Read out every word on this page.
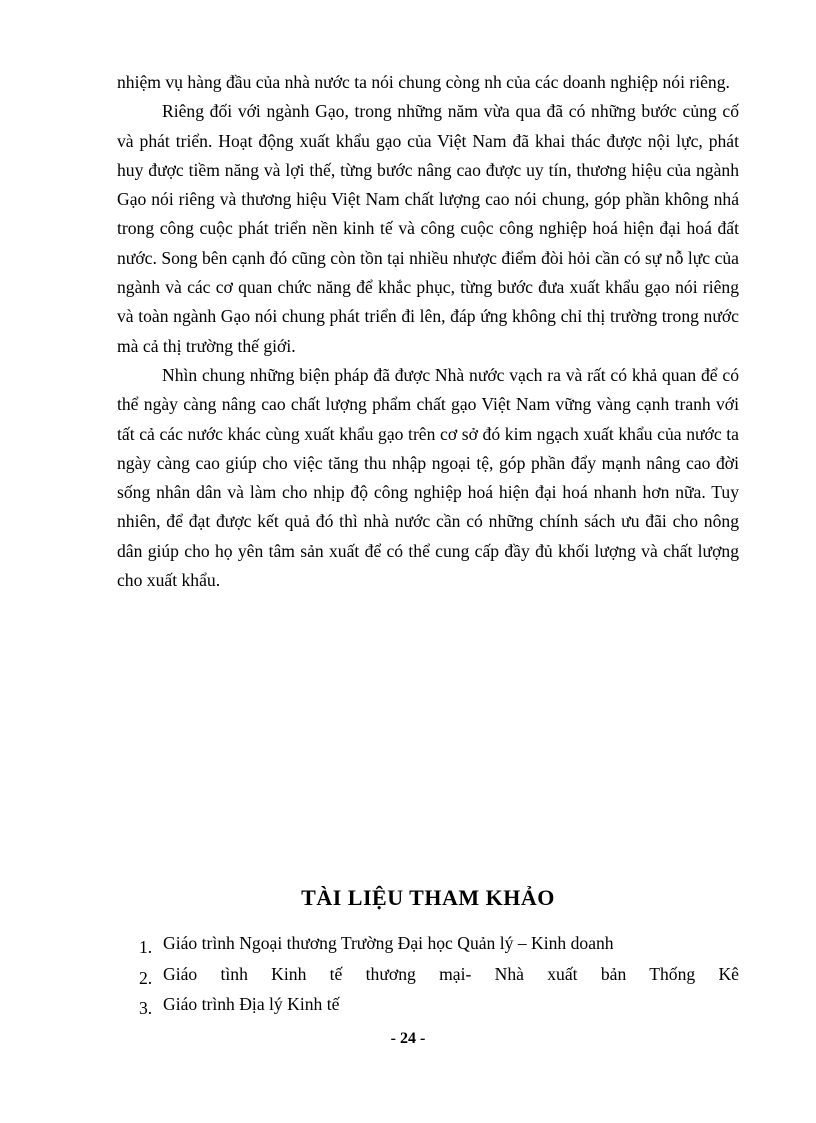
nhiệm vụ hàng đầu của nhà nước ta nói chung còng nh của các doanh nghiệp nói riêng.

Riêng đối với ngành Gạo, trong những năm vừa qua đã có những bước củng cố và phát triển. Hoạt động xuất khẩu gạo của Việt Nam đã khai thác được nội lực, phát huy được tiềm năng và lợi thế, từng bước nâng cao được uy tín, thương hiệu của ngành Gạo nói riêng và thương hiệu Việt Nam chất lượng cao nói chung, góp phần không nhá trong công cuộc phát triển nền kinh tế và công cuộc công nghiệp hoá hiện đại hoá đất nước. Song bên cạnh đó cũng còn tồn tại nhiều nhược điểm đòi hỏi cần có sự nỗ lực của ngành và các cơ quan chức năng để khắc phục, từng bước đưa xuất khẩu gạo nói riêng và toàn ngành Gạo nói chung phát triển đi lên, đáp ứng không chỉ thị trường trong nước mà cả thị trường thế giới.

Nhìn chung những biện pháp đã được Nhà nước vạch ra và rất có khả quan để có thể ngày càng nâng cao chất lượng phẩm chất gạo Việt Nam vững vàng cạnh tranh với tất cả các nước khác cùng xuất khẩu gạo trên cơ sở đó kim ngạch xuất khẩu của nước ta ngày càng cao giúp cho việc tăng thu nhập ngoại tệ, góp phần đẩy mạnh nâng cao đời sống nhân dân và làm cho nhịp độ công nghiệp hoá hiện đại hoá nhanh hơn nữa. Tuy nhiên, để đạt được kết quả đó thì nhà nước cần có những chính sách ưu đãi cho nông dân giúp cho họ yên tâm sản xuất để có thể cung cấp đầy đủ khối lượng và chất lượng cho xuất khẩu.

TÀI LIỆU THAM KHẢO
1. Giáo trình Ngoại thương Trường Đại học Quản lý – Kinh doanh
2. Giáo tình Kinh tế thương mại- Nhà xuất bản Thống Kê
3. Giáo trình Địa lý Kinh tế
- 24 -
